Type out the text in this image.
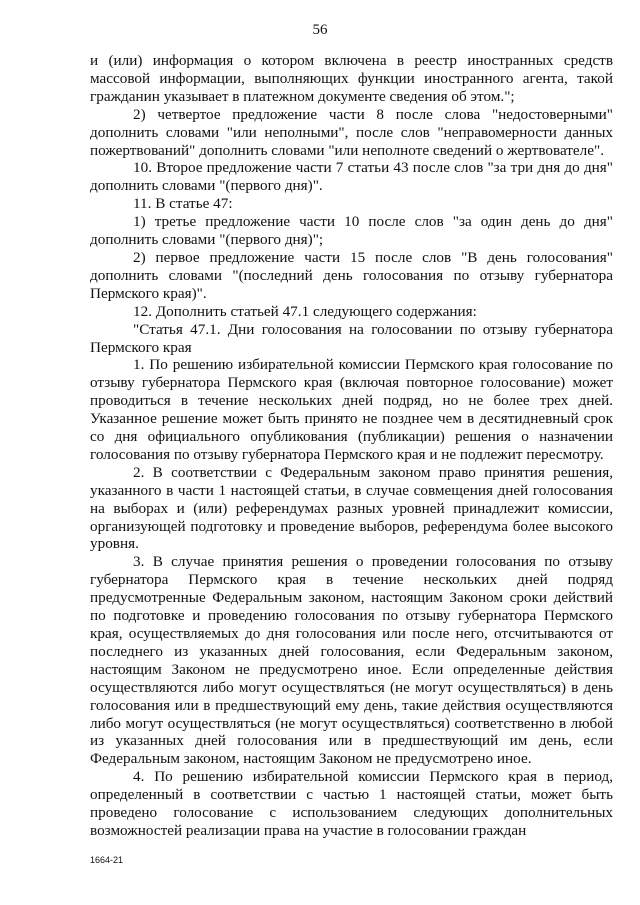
56

и (или) информация о котором включена в реестр иностранных средств массовой информации, выполняющих функции иностранного агента, такой гражданин указывает в платежном документе сведения об этом.";

2) четвертое предложение части 8 после слова "недостоверными" дополнить словами "или неполными", после слов "неправомерности данных пожертвований" дополнить словами "или неполноте сведений о жертвователе".

10. Второе предложение части 7 статьи 43 после слов "за три дня до дня" дополнить словами "(первого дня)".

11. В статье 47:

1) третье предложение части 10 после слов "за один день до дня" дополнить словами "(первого дня)";

2) первое предложение части 15 после слов "В день голосования" дополнить словами "(последний день голосования по отзыву губернатора Пермского края)".

12. Дополнить статьей 47.1 следующего содержания:

"Статья 47.1. Дни голосования на голосовании по отзыву губернатора Пермского края

1. По решению избирательной комиссии Пермского края голосование по отзыву губернатора Пермского края (включая повторное голосование) может проводиться в течение нескольких дней подряд, но не более трех дней. Указанное решение может быть принято не позднее чем в десятидневный срок со дня официального опубликования (публикации) решения о назначении голосования по отзыву губернатора Пермского края и не подлежит пересмотру.

2. В соответствии с Федеральным законом право принятия решения, указанного в части 1 настоящей статьи, в случае совмещения дней голосования на выборах и (или) референдумах разных уровней принадлежит комиссии, организующей подготовку и проведение выборов, референдума более высокого уровня.

3. В случае принятия решения о проведении голосования по отзыву губернатора Пермского края в течение нескольких дней подряд предусмотренные Федеральным законом, настоящим Законом сроки действий по подготовке и проведению голосования по отзыву губернатора Пермского края, осуществляемых до дня голосования или после него, отсчитываются от последнего из указанных дней голосования, если Федеральным законом, настоящим Законом не предусмотрено иное. Если определенные действия осуществляются либо могут осуществляться (не могут осуществляться) в день голосования или в предшествующий ему день, такие действия осуществляются либо могут осуществляться (не могут осуществляться) соответственно в любой из указанных дней голосования или в предшествующий им день, если Федеральным законом, настоящим Законом не предусмотрено иное.

4. По решению избирательной комиссии Пермского края в период, определенный в соответствии с частью 1 настоящей статьи, может быть проведено голосование с использованием следующих дополнительных возможностей реализации права на участие в голосовании граждан

1664-21
